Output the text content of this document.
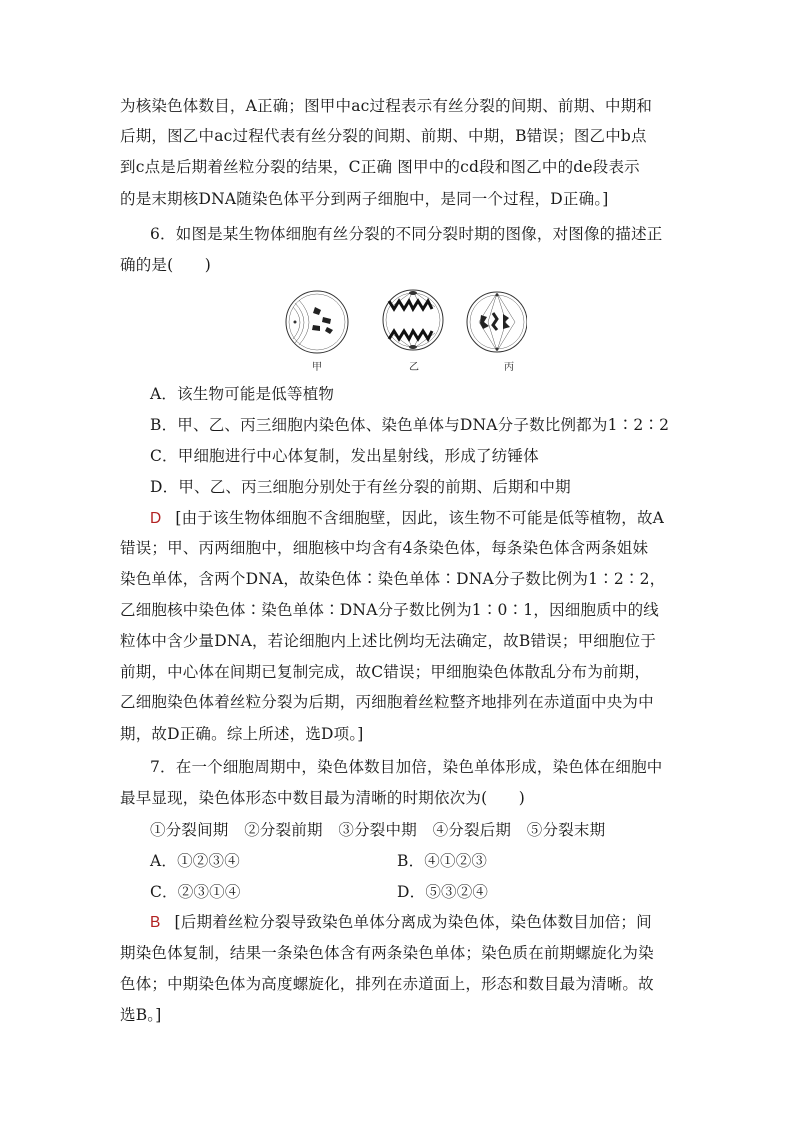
为核染色体数目，A正确；图甲中ac过程表示有丝分裂的间期、前期、中期和
后期，图乙中ac过程代表有丝分裂的间期、前期、中期，B错误；图乙中b点
到c点是后期着丝粒分裂的结果，C正确 图甲中的cd段和图乙中的de段表示
的是末期核DNA随染色体平分到两子细胞中，是同一个过程，D正确。]
6．如图是某生物体细胞有丝分裂的不同分裂时期的图像，对图像的描述正
确的是(　　)
甲	乙	丙
A．该生物可能是低等植物
B．甲、乙、丙三细胞内染色体、染色单体与DNA分子数比例都为1∶2∶2
C．甲细胞进行中心体复制，发出星射线，形成了纺锤体
D．甲、乙、丙三细胞分别处于有丝分裂的前期、后期和中期
D [由于该生物体细胞不含细胞壁，因此，该生物不可能是低等植物，故A
错误；甲、丙两细胞中，细胞核中均含有4条染色体，每条染色体含两条姐妹
染色单体，含两个DNA，故染色体∶染色单体∶DNA分子数比例为1∶2∶2，
乙细胞核中染色体∶染色单体∶DNA分子数比例为1∶0∶1，因细胞质中的线
粒体中含少量DNA，若论细胞内上述比例均无法确定，故B错误；甲细胞位于
前期，中心体在间期已复制完成，故C错误；甲细胞染色体散乱分布为前期，
乙细胞染色体着丝粒分裂为后期，丙细胞着丝粒整齐地排列在赤道面中央为中
期，故D正确。综上所述，选D项。]
7．在一个细胞周期中，染色体数目加倍，染色单体形成，染色体在细胞中
最早显现，染色体形态中数目最为清晰的时期依次为(　　)
①分裂间期　②分裂前期　③分裂中期　④分裂后期　⑤分裂末期
A．①②③④	B．④①②③
C．②③①④	D．⑤③②④
B [后期着丝粒分裂导致染色单体分离成为染色体，染色体数目加倍；间
期染色体复制，结果一条染色体含有两条染色单体；染色质在前期螺旋化为染
色体；中期染色体为高度螺旋化，排列在赤道面上，形态和数目最为清晰。故
选B。]
